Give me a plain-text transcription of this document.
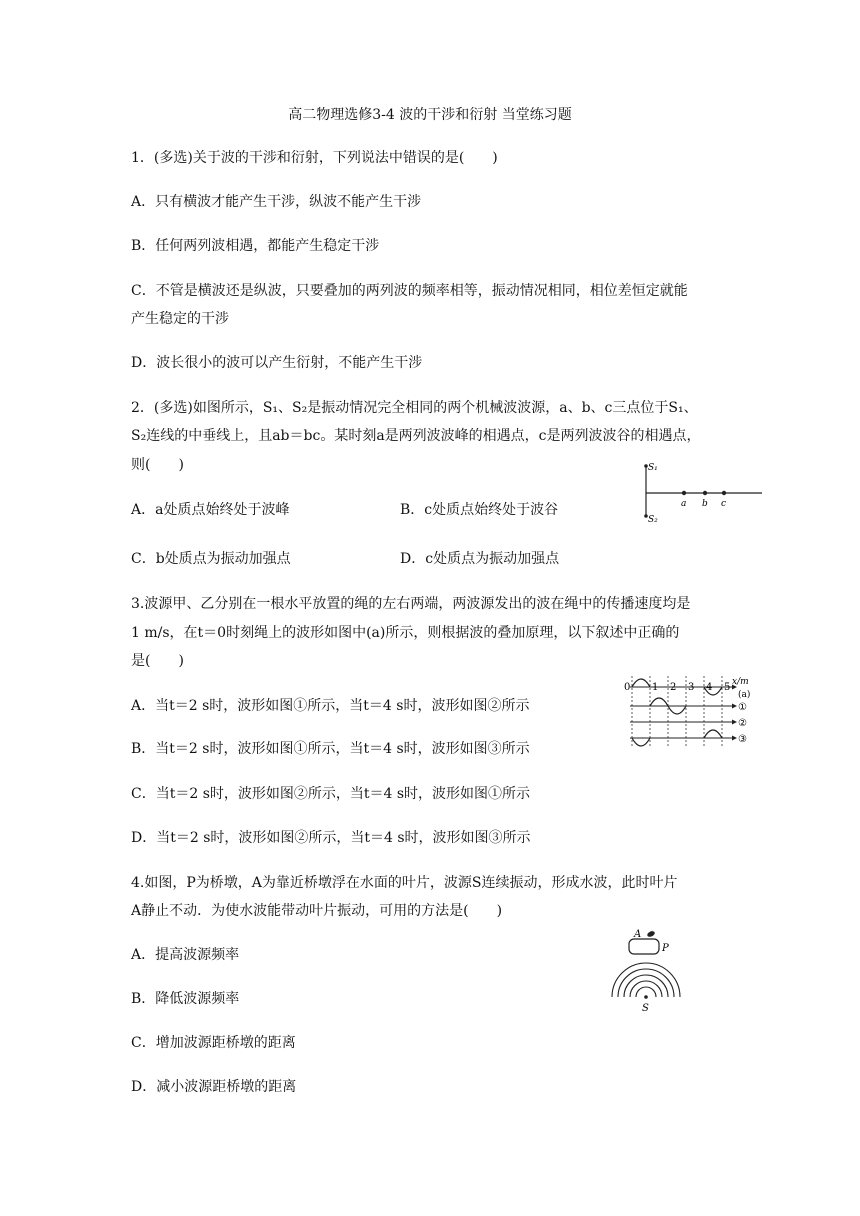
高二物理选修3-4 波的干涉和衍射 当堂练习题
1．(多选)关于波的干涉和衍射，下列说法中错误的是(　　)
A．只有横波才能产生干涉，纵波不能产生干涉
B．任何两列波相遇，都能产生稳定干涉
C．不管是横波还是纵波，只要叠加的两列波的频率相等，振动情况相同，相位差恒定就能
产生稳定的干涉
D．波长很小的波可以产生衍射，不能产生干涉
2．(多选)如图所示，S₁、S₂是振动情况完全相同的两个机械波波源，a、b、c三点位于S₁、
S₂连线的中垂线上，且ab＝bc。某时刻a是两列波波峰的相遇点，c是两列波波谷的相遇点，
则(　　)
A．a处质点始终处于波峰	B．c处质点始终处于波谷
C．b处质点为振动加强点	D．c处质点为振动加强点
S₁
S₂
a b c
3.波源甲、乙分别在一根水平放置的绳的左右两端，两波源发出的波在绳中的传播速度均是
1 m/s，在t＝0时刻绳上的波形如图中(a)所示，则根据波的叠加原理，以下叙述中正确的
是(　　)
A．当t＝2 s时，波形如图①所示，当t＝4 s时，波形如图②所示
B．当t＝2 s时，波形如图①所示，当t＝4 s时，波形如图③所示
C．当t＝2 s时，波形如图②所示，当t＝4 s时，波形如图①所示
D．当t＝2 s时，波形如图②所示，当t＝4 s时，波形如图③所示
0 1 2 3 4 5 x/m
(a)
①
②
③
4.如图，P为桥墩，A为靠近桥墩浮在水面的叶片，波源S连续振动，形成水波，此时叶片
A静止不动．为使水波能带动叶片振动，可用的方法是(　　)
A．提高波源频率
B．降低波源频率
C．增加波源距桥墩的距离
D．减小波源距桥墩的距离
A
P
S
